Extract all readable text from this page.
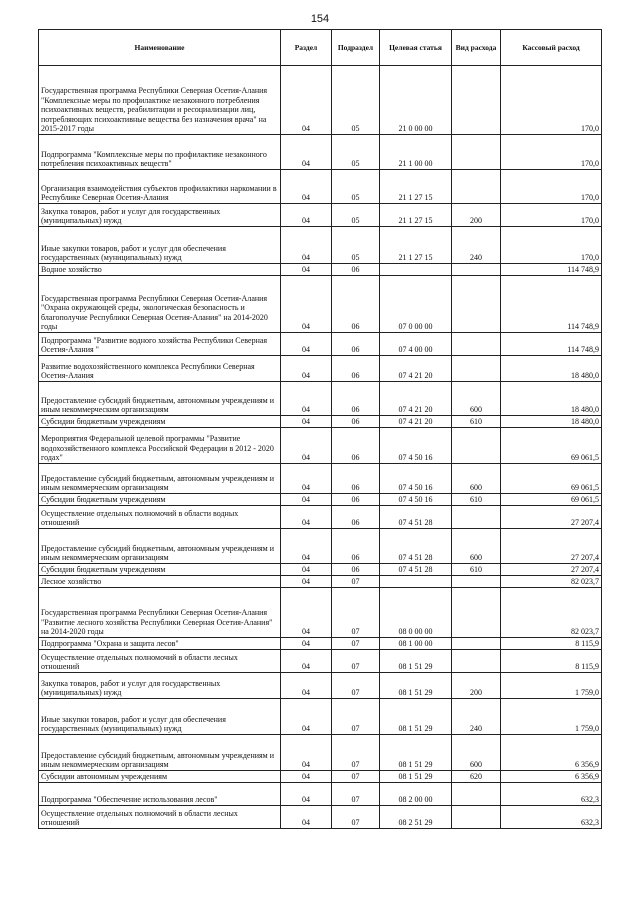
154
Наименование	Раздел	Подраздел	Целевая статья	Вид расхода	Кассовый расход
Государственная программа Республики Северная Осетия-Алания "Комплексные меры по профилактике незаконного потребления психоактивных веществ, реабилитации и ресоциализации лиц, потребляющих психоактивные вещества без назначения врача" на 2015-2017 годы	04	05	21 0 00 00		170,0
Подпрограмма "Комплексные меры по профилактике незаконного потребления психоактивных веществ"	04	05	21 1 00 00		170,0
Организация взаимодействия субъектов профилактики наркомании в Республике Северная Осетия-Алания	04	05	21 1 27 15		170,0
Закупка товаров, работ и услуг для государственных (муниципальных) нужд	04	05	21 1 27 15	200	170,0
Иные закупки товаров, работ и услуг для обеспечения государственных (муниципальных) нужд	04	05	21 1 27 15	240	170,0
Водное хозяйство	04	06			114 748,9
Государственная программа Республики Северная Осетия-Алания "Охрана окружающей среды, экологическая безопасность и благополучие Республики Северная Осетия-Алания" на 2014-2020 годы	04	06	07 0 00 00		114 748,9
Подпрограмма "Развитие водного хозяйства Республики Северная Осетия-Алания "	04	06	07 4 00 00		114 748,9
Развитие водохозяйственного комплекса Республики Северная Осетия-Алания	04	06	07 4 21 20		18 480,0
Предоставление субсидий бюджетным, автономным учреждениям и иным некоммерческим организациям	04	06	07 4 21 20	600	18 480,0
Субсидии бюджетным учреждениям	04	06	07 4 21 20	610	18 480,0
Мероприятия Федеральной целевой программы "Развитие водохозяйственного комплекса Российской Федерации в 2012 - 2020 годах"	04	06	07 4 50 16		69 061,5
Предоставление субсидий бюджетным, автономным учреждениям и иным некоммерческим организациям	04	06	07 4 50 16	600	69 061,5
Субсидии бюджетным учреждениям	04	06	07 4 50 16	610	69 061,5
Осуществление отдельных полномочий в области водных отношений	04	06	07 4 51 28		27 207,4
Предоставление субсидий бюджетным, автономным учреждениям и иным некоммерческим организациям	04	06	07 4 51 28	600	27 207,4
Субсидии бюджетным учреждениям	04	06	07 4 51 28	610	27 207,4
Лесное хозяйство	04	07			82 023,7
Государственная программа Республики Северная Осетия-Алания "Развитие лесного хозяйства Республики Северная Осетия-Алания" на 2014-2020 годы	04	07	08 0 00 00		82 023,7
Подпрограмма "Охрана и защита лесов"	04	07	08 1 00 00		8 115,9
Осуществление отдельных полномочий в области лесных отношений	04	07	08 1 51 29		8 115,9
Закупка товаров, работ и услуг для государственных (муниципальных) нужд	04	07	08 1 51 29	200	1 759,0
Иные закупки товаров, работ и услуг для обеспечения государственных (муниципальных) нужд	04	07	08 1 51 29	240	1 759,0
Предоставление субсидий бюджетным, автономным учреждениям и иным некоммерческим организациям	04	07	08 1 51 29	600	6 356,9
Субсидии автономным учреждениям	04	07	08 1 51 29	620	6 356,9
Подпрограмма "Обеспечение использования лесов"	04	07	08 2 00 00		632,3
Осуществление отдельных полномочий в области лесных отношений	04	07	08 2 51 29		632,3
